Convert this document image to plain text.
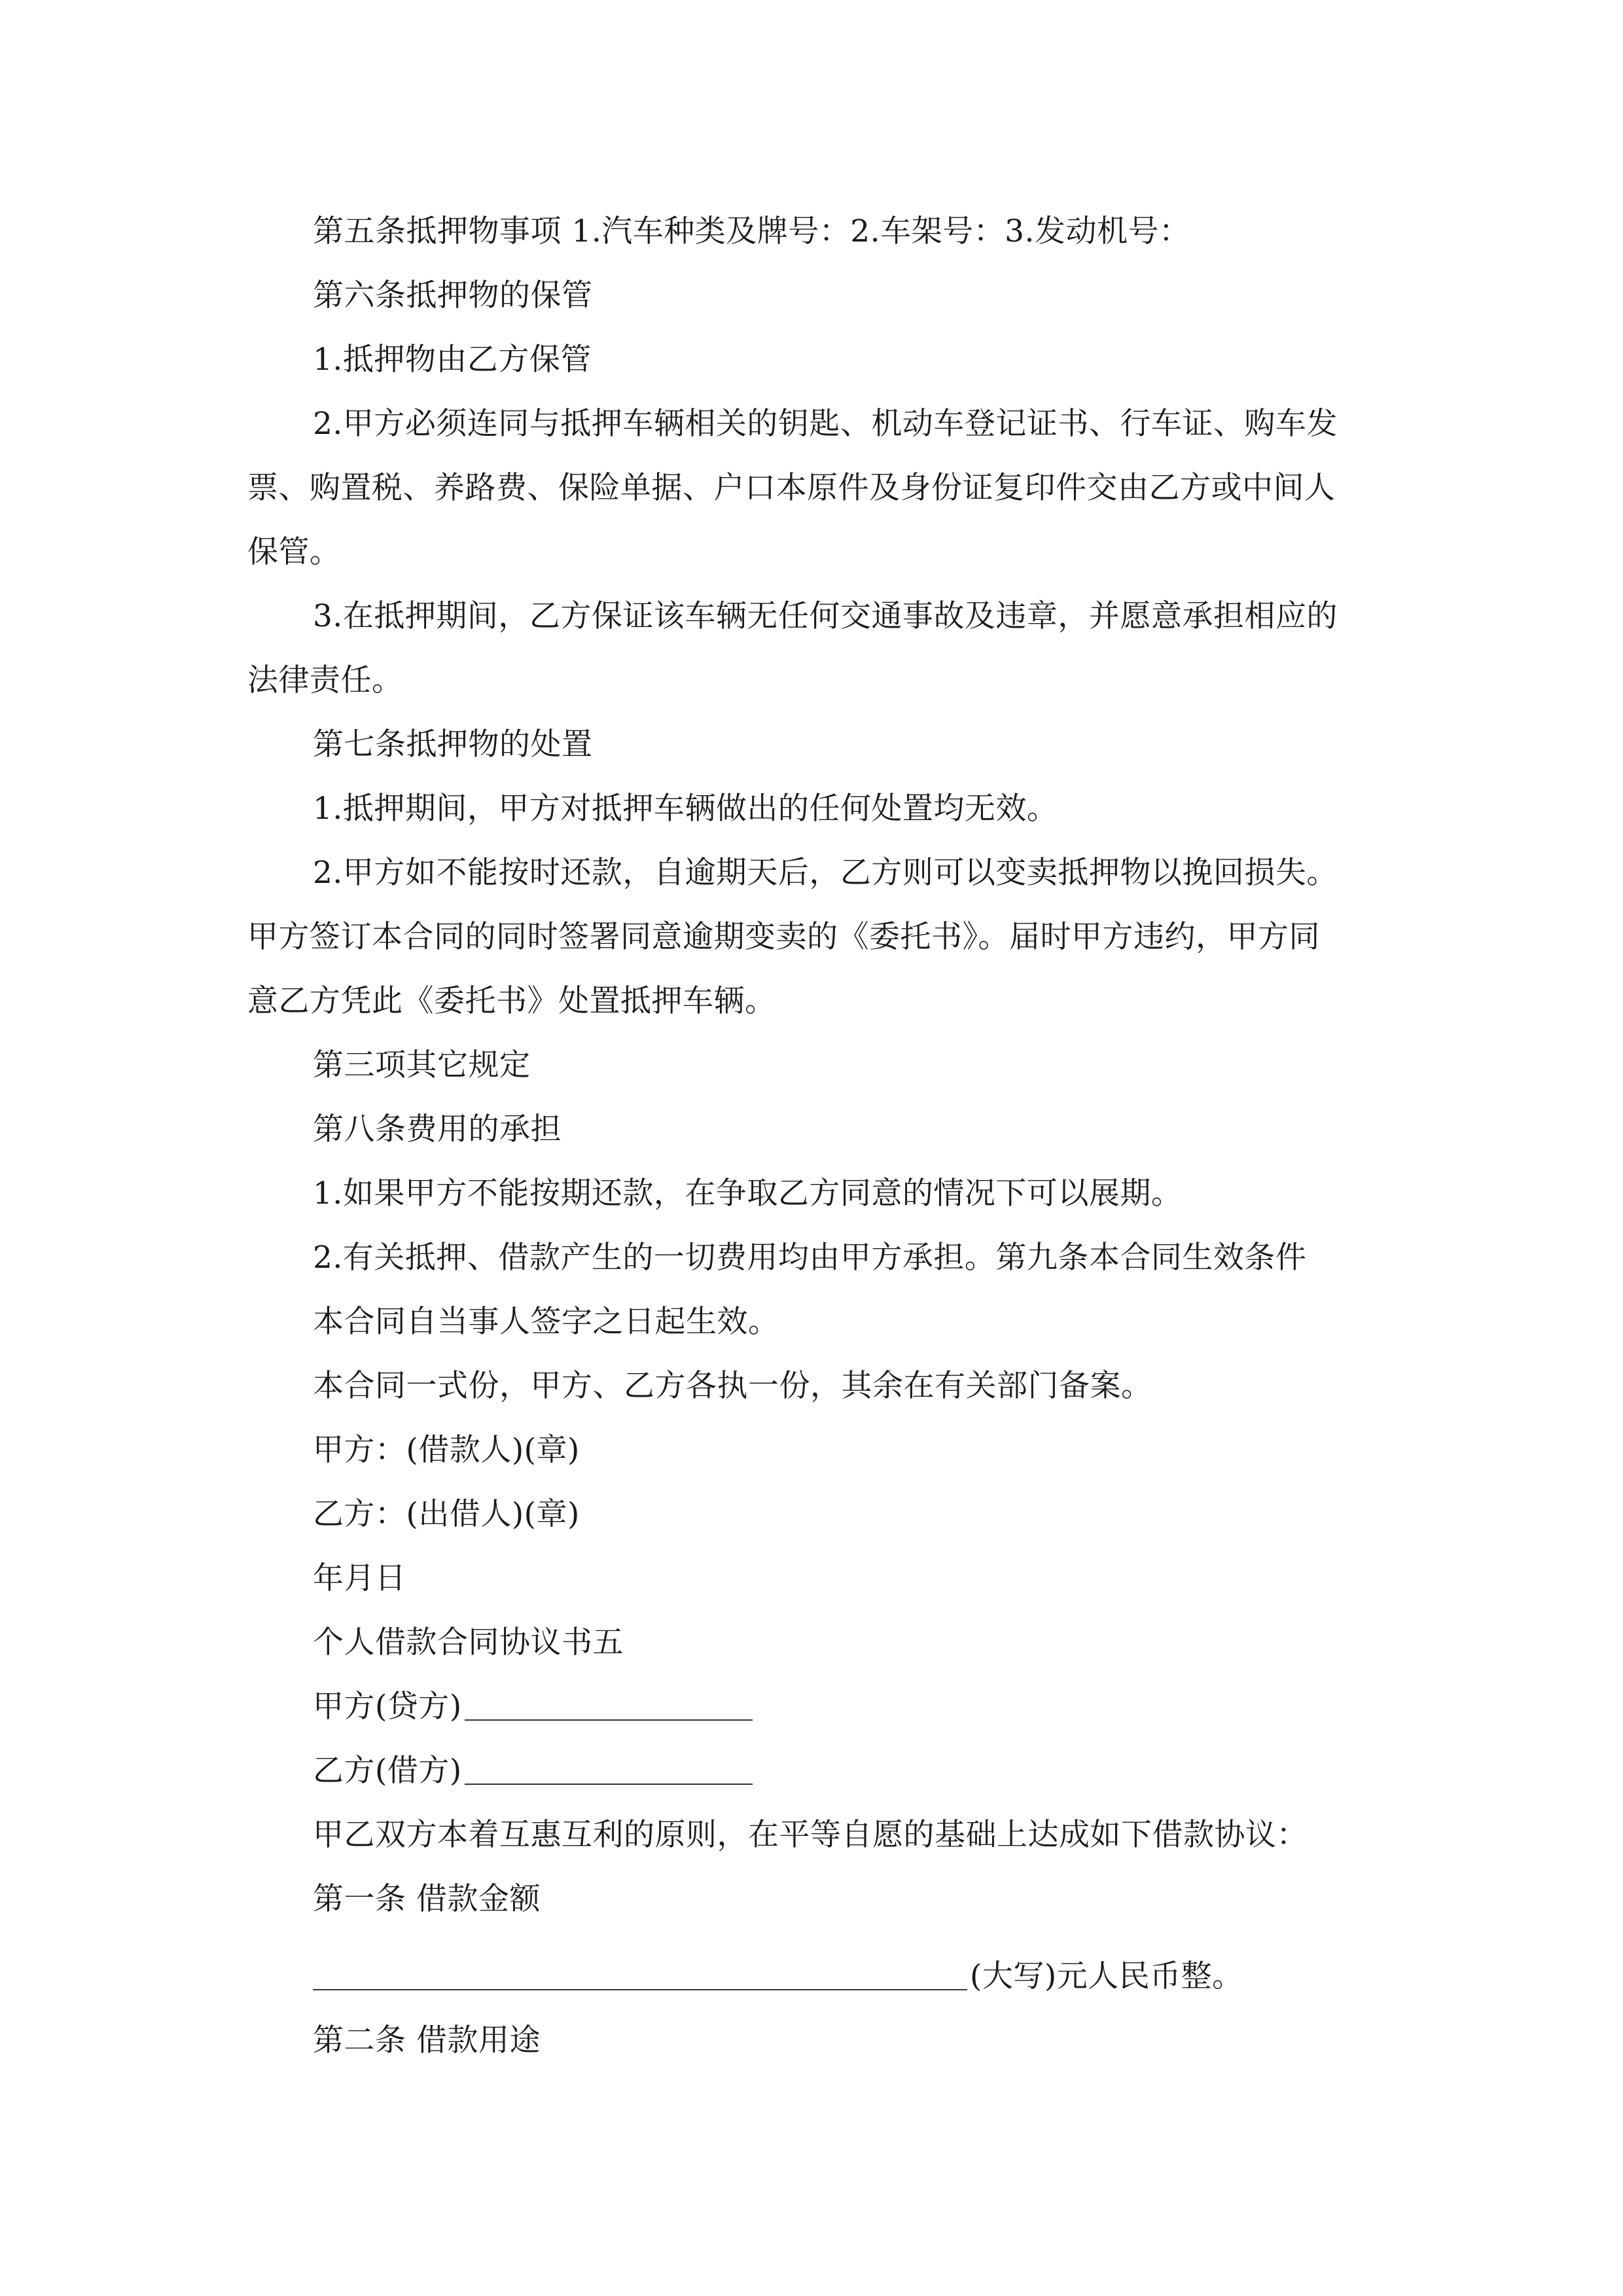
第五条抵押物事项 1.汽车种类及牌号：2.车架号：3.发动机号：
第六条抵押物的保管
1.抵押物由乙方保管
2.甲方必须连同与抵押车辆相关的钥匙、机动车登记证书、行车证、购车发
票、购置税、养路费、保险单据、户口本原件及身份证复印件交由乙方或中间人
保管。
3.在抵押期间，乙方保证该车辆无任何交通事故及违章，并愿意承担相应的
法律责任。
第七条抵押物的处置
1.抵押期间，甲方对抵押车辆做出的任何处置均无效。
2.甲方如不能按时还款，自逾期天后，乙方则可以变卖抵押物以挽回损失。
甲方签订本合同的同时签署同意逾期变卖的《委托书》。届时甲方违约，甲方同
意乙方凭此《委托书》处置抵押车辆。
第三项其它规定
第八条费用的承担
1.如果甲方不能按期还款，在争取乙方同意的情况下可以展期。
2.有关抵押、借款产生的一切费用均由甲方承担。第九条本合同生效条件
本合同自当事人签字之日起生效。
本合同一式份，甲方、乙方各执一份，其余在有关部门备案。
甲方：(借款人)(章)
乙方：(出借人)(章)
年月日
个人借款合同协议书五
甲方(贷方)
乙方(借方)
甲乙双方本着互惠互利的原则，在平等自愿的基础上达成如下借款协议：
第一条 借款金额
(大写)元人民币整。
第二条 借款用途
